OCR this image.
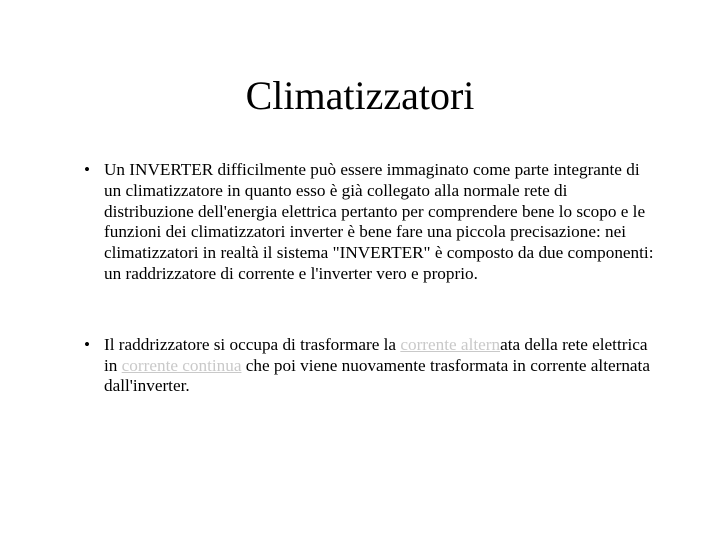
Climatizzatori
• Un INVERTER difficilmente può essere immaginato come parte integrante di un climatizzatore in quanto esso è già collegato alla normale rete di distribuzione dell'energia elettrica pertanto per comprendere bene lo scopo e le funzioni dei climatizzatori inverter è bene fare una piccola precisazione: nei climatizzatori in realtà il sistema "INVERTER" è composto da due componenti: un raddrizzatore di corrente e l'inverter vero e proprio.
• Il raddrizzatore si occupa di trasformare la corrente alternata della rete elettrica in corrente continua che poi viene nuovamente trasformata in corrente alternata dall'inverter.
